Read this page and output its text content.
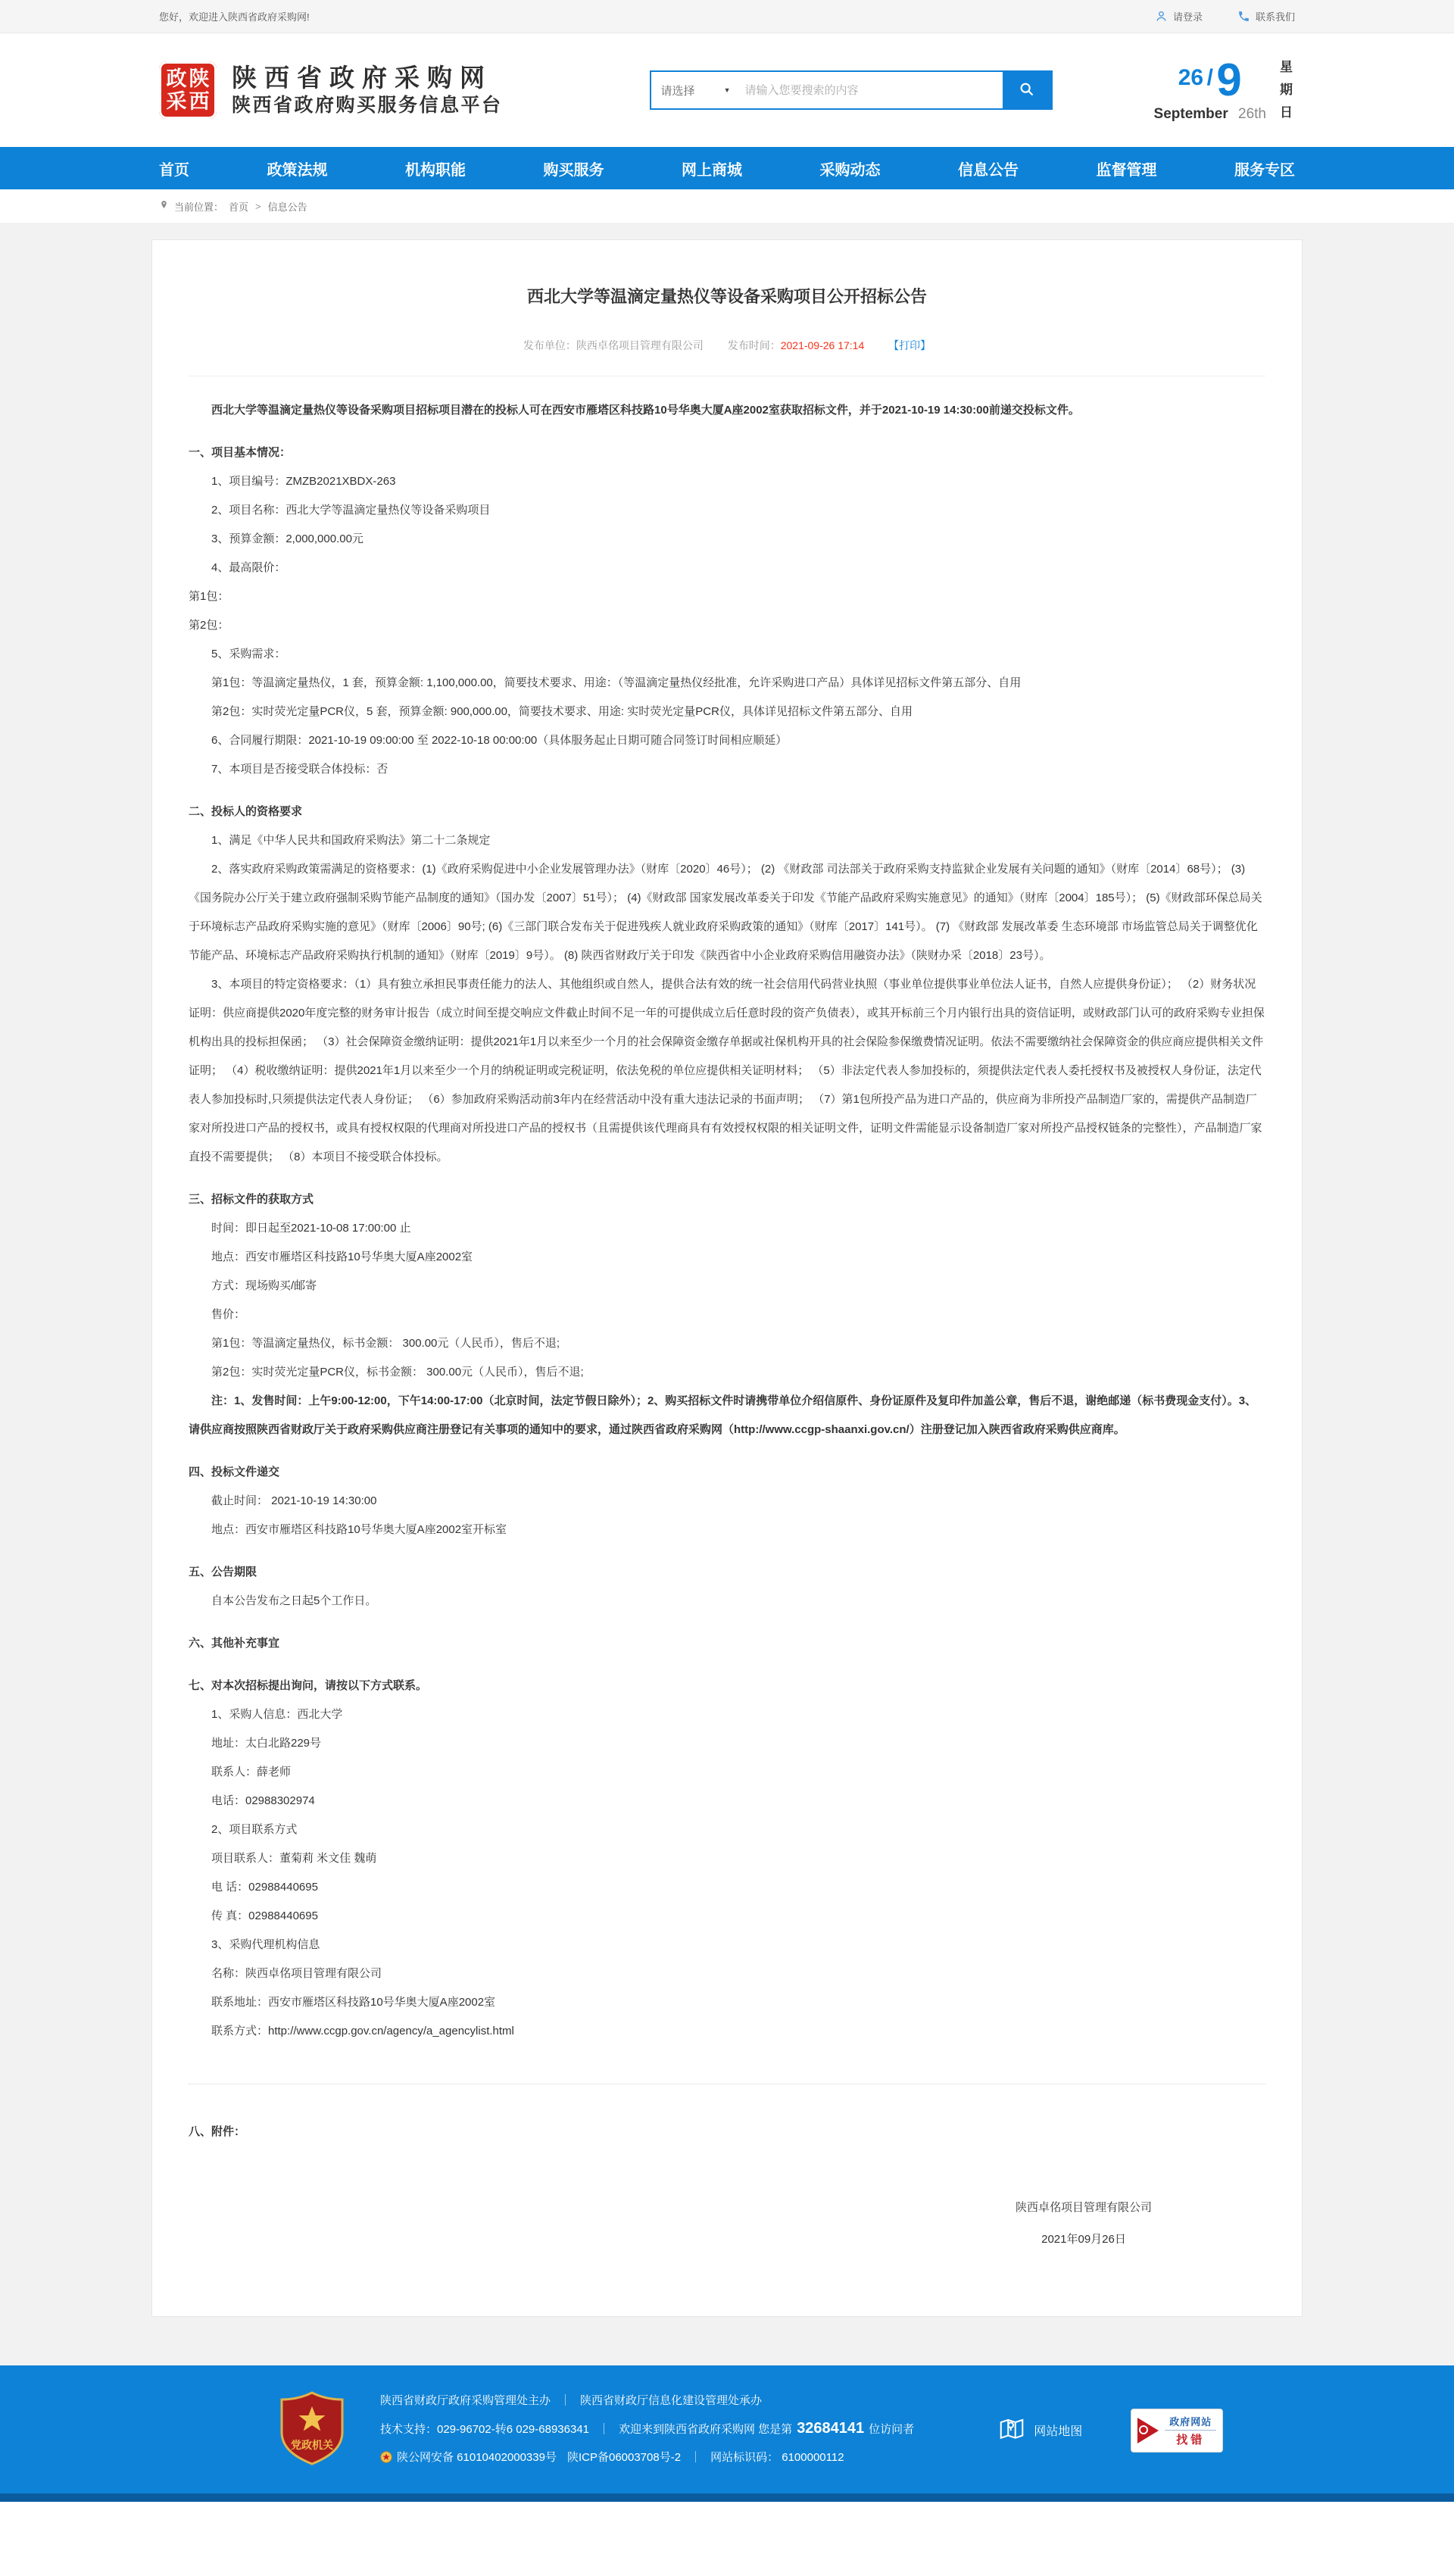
您好，欢迎进入陕西省政府采购网!	请登录	联系我们
政 陕
采 西
陕西省政府采购网
陕西省政府购买服务信息平台
请选择	▼
请输入您要搜索的内容	26 / 9
September 26th
星期日
首页	政策法规	机构职能	购买服务	网上商城	采购动态	信息公告	监督管理	服务专区
当前位置： 首页 > 信息公告
西北大学等温滴定量热仪等设备采购项目公开招标公告
发布单位：陕西卓佲项目管理有限公司 发布时间：2021-09-26 17:14 【打印】

西北大学等温滴定量热仪等设备采购项目招标项目潜在的投标人可在西安市雁塔区科技路10号华奥大厦A座2002室获取招标文件，并于2021-10-19 14:30:00前递交投标文件。

一、项目基本情况：

1、项目编号：ZMZB2021XBDX-263

2、项目名称：西北大学等温滴定量热仪等设备采购项目

3、预算金额：2,000,000.00元

4、最高限价：

第1包：

第2包：

5、采购需求：

第1包：等温滴定量热仪，1 套，预算金额: 1,100,000.00，简要技术要求、用途：（等温滴定量热仪经批准，允许采购进口产品）具体详见招标文件第五部分、自用

第2包：实时荧光定量PCR仪，5 套，预算金额: 900,000.00，简要技术要求、用途: 实时荧光定量PCR仪，具体详见招标文件第五部分、自用

6、合同履行期限：2021-10-19 09:00:00 至 2022-10-18 00:00:00（具体服务起止日期可随合同签订时间相应顺延）

7、本项目是否接受联合体投标：否

二、投标人的资格要求

1、满足《中华人民共和国政府采购法》第二十二条规定

2、落实政府采购政策需满足的资格要求：(1)《政府采购促进中小企业发展管理办法》（财库〔2020〕46号）； (2) 《财政部 司法部关于政府采购支持监狱企业发展有关问题的通知》（财库〔2014〕68号）； (3)《国务院办公厅关于建立政府强制采购节能产品制度的通知》（国办发〔2007〕51号）； (4)《财政部 国家发展改革委关于印发《节能产品政府采购实施意见》的通知》（财库〔2004〕185号）； (5)《财政部环保总局关于环境标志产品政府采购实施的意见》（财库〔2006〕90号; (6)《三部门联合发布关于促进残疾人就业政府采购政策的通知》（财库〔2017〕141号）。 (7) 《财政部 发展改革委 生态环境部 市场监管总局关于调整优化节能产品、环境标志产品政府采购执行机制的通知》（财库〔2019〕9号）。 (8) 陕西省财政厅关于印发《陕西省中小企业政府采购信用融资办法》（陕财办采〔2018〕23号）。

3、本项目的特定资格要求：（1）具有独立承担民事责任能力的法人、其他组织或自然人，提供合法有效的统一社会信用代码营业执照（事业单位提供事业单位法人证书，自然人应提供身份证）； （2）财务状况证明：供应商提供2020年度完整的财务审计报告（成立时间至提交响应文件截止时间不足一年的可提供成立后任意时段的资产负债表），或其开标前三个月内银行出具的资信证明，或财政部门认可的政府采购专业担保机构出具的投标担保函； （3）社会保障资金缴纳证明：提供2021年1月以来至少一个月的社会保障资金缴存单据或社保机构开具的社会保险参保缴费情况证明。依法不需要缴纳社会保障资金的供应商应提供相关文件证明； （4）税收缴纳证明：提供2021年1月以来至少一个月的纳税证明或完税证明，依法免税的单位应提供相关证明材料； （5）非法定代表人参加投标的，须提供法定代表人委托授权书及被授权人身份证，法定代表人参加投标时,只须提供法定代表人身份证； （6）参加政府采购活动前3年内在经营活动中没有重大违法记录的书面声明； （7）第1包所投产品为进口产品的，供应商为非所投产品制造厂家的，需提供产品制造厂家对所投进口产品的授权书，或具有授权权限的代理商对所投进口产品的授权书（且需提供该代理商具有有效授权权限的相关证明文件，证明文件需能显示设备制造厂家对所投产品授权链条的完整性），产品制造厂家直投不需要提供； （8）本项目不接受联合体投标。

三、招标文件的获取方式

时间：即日起至2021-10-08 17:00:00 止

地点：西安市雁塔区科技路10号华奥大厦A座2002室

方式：现场购买/邮寄

售价：

第1包：等温滴定量热仪，标书金额： 300.00元（人民币），售后不退;

第2包：实时荧光定量PCR仪，标书金额： 300.00元（人民币），售后不退;

注：1、发售时间：上午9:00-12:00，下午14:00-17:00（北京时间，法定节假日除外）；2、购买招标文件时请携带单位介绍信原件、身份证原件及复印件加盖公章，售后不退，谢绝邮递（标书费现金支付）。3、请供应商按照陕西省财政厅关于政府采购供应商注册登记有关事项的通知中的要求，通过陕西省政府采购网（http://www.ccgp-shaanxi.gov.cn/）注册登记加入陕西省政府采购供应商库。

四、投标文件递交

截止时间： 2021-10-19 14:30:00

地点：西安市雁塔区科技路10号华奥大厦A座2002室开标室

五、公告期限

自本公告发布之日起5个工作日。

六、其他补充事宜

七、对本次招标提出询问，请按以下方式联系。

1、采购人信息：西北大学

地址：太白北路229号

联系人：薛老师

电话：02988302974

2、项目联系方式

项目联系人：董菊莉 米文佳 魏萌

电 话：02988440695

传 真：02988440695

3、采购代理机构信息

名称：陕西卓佲项目管理有限公司

联系地址：西安市雁塔区科技路10号华奥大厦A座2002室

联系方式：http://www.ccgp.gov.cn/agency/a_agencylist.html

八、附件：

陕西卓佲项目管理有限公司
2021年09月26日
党政机关
陕西省财政厅政府采购管理处主办 ｜ 陕西省财政厅信息化建设管理处承办
技术支持：029-96702-转6 029-68936341 ｜ 欢迎来到陕西省政府采购网 您是第 32684141 位访问者
陕公网安备 61010402000339号 陕ICP备06003708号-2 ｜ 网站标识码： 6100000112
网站地图
政府网站
找错
